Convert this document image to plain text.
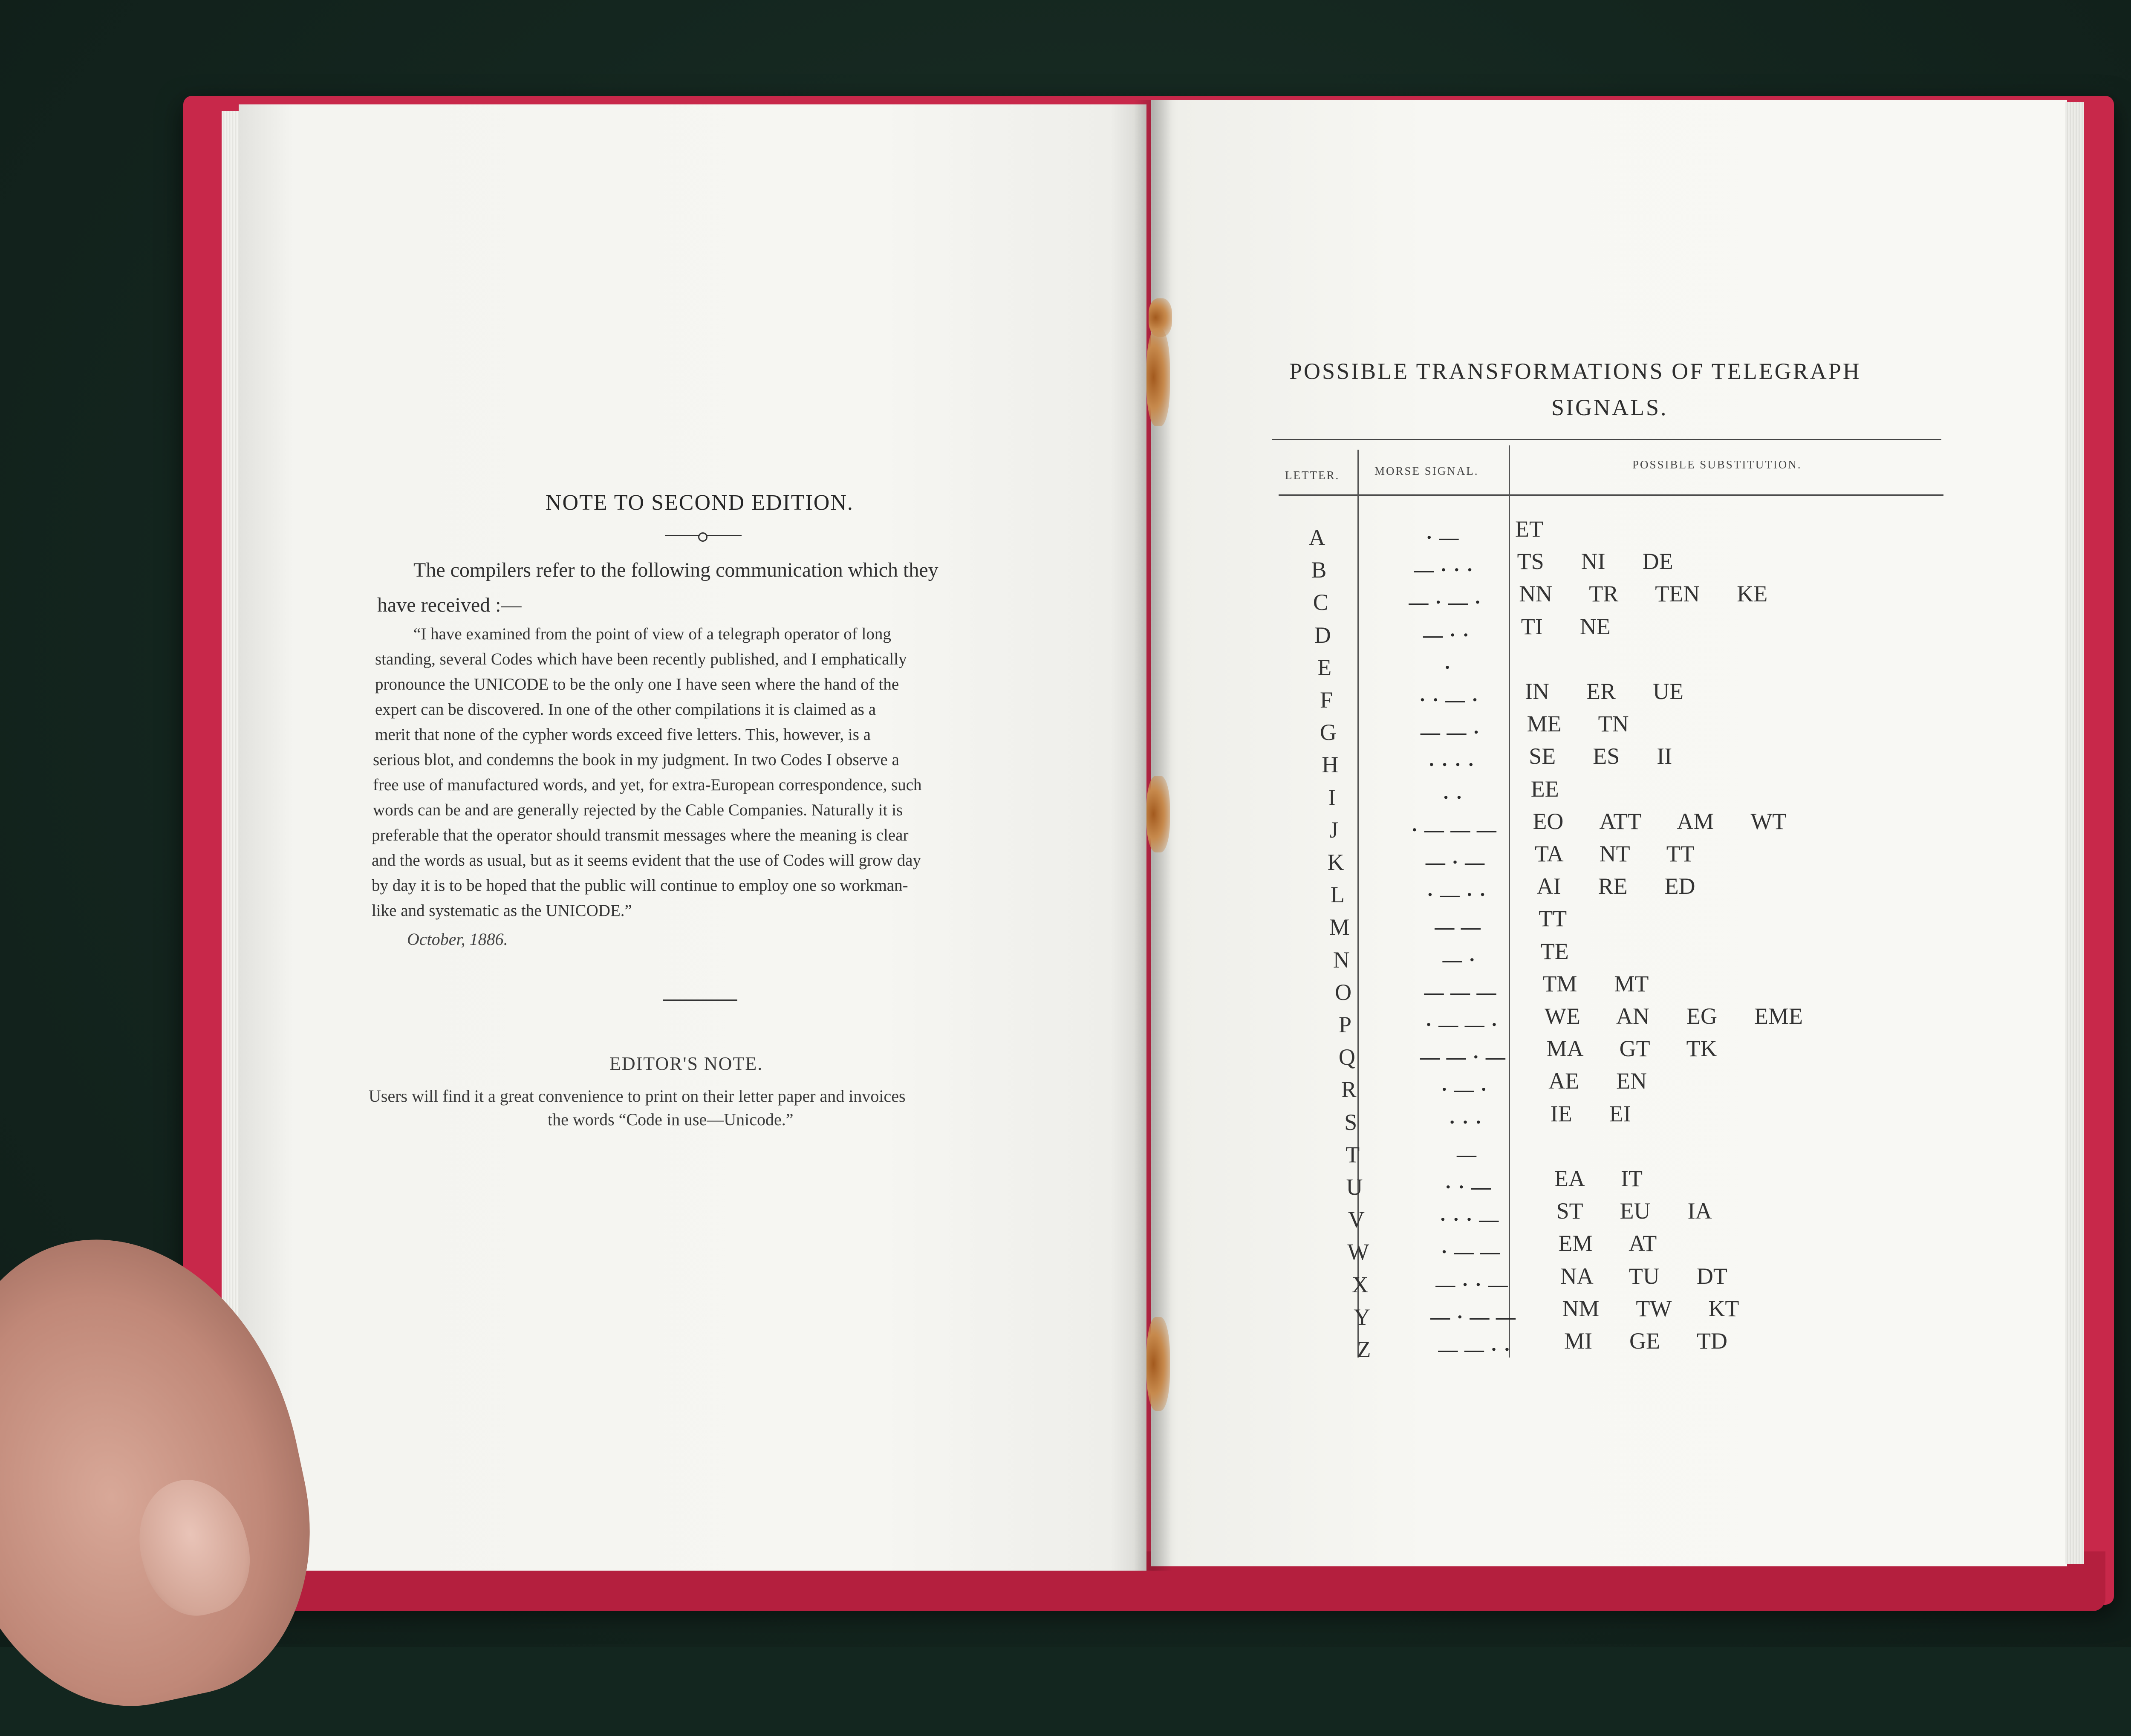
NOTE TO SECOND EDITION.
The compilers refer to the following communication which they
have received :—
“I have examined from the point of view of a telegraph operator of long
standing, several Codes which have been recently published, and I emphatically
pronounce the UNICODE to be the only one I have seen where the hand of the
expert can be discovered. In one of the other compilations it is claimed as a
merit that none of the cypher words exceed five letters. This, however, is a
serious blot, and condemns the book in my judgment. In two Codes I observe a
free use of manufactured words, and yet, for extra-European correspondence, such
words can be and are generally rejected by the Cable Companies. Naturally it is
preferable that the operator should transmit messages where the meaning is clear
and the words as usual, but as it seems evident that the use of Codes will grow day
by day it is to be hoped that the public will continue to employ one so workman-
like and systematic as the UNICODE.”
October, 1886.
EDITOR'S NOTE.
Users will find it a great convenience to print on their letter paper and invoices
the words “Code in use—Unicode.”
POSSIBLE TRANSFORMATIONS OF TELEGRAPH
SIGNALS.
LETTER.	MORSE SIGNAL.	POSSIBLE SUBSTITUTION.
A	· —	ET
B	— · · ·	TS  NI  DE
C	— · — ·	NN  TR  TEN  KE
D	— · ·	TI  NE
E	·
F	· · — ·	IN  ER  UE
G	— — ·	ME  TN
H	· · · ·	SE  ES  II
I	· ·	EE
J	· — — —	EO  ATT  AM  WT
K	— · —	TA  NT  TT
L	· — · ·	AI  RE  ED
M	— —	TT
N	— ·	TE
O	— — —	TM  MT
P	· — — ·	WE  AN  EG  EME
Q	— — · —	MA  GT  TK
R	· — ·	AE  EN
S	· · ·	IE  EI
T	—
U	· · —	EA  IT
V	· · · —	ST  EU  IA
W	· — —	EM  AT
X	— · · —	NA  TU  DT
Y	— · — —	NM  TW  KT
Z	— — · ·	MI  GE  TD
